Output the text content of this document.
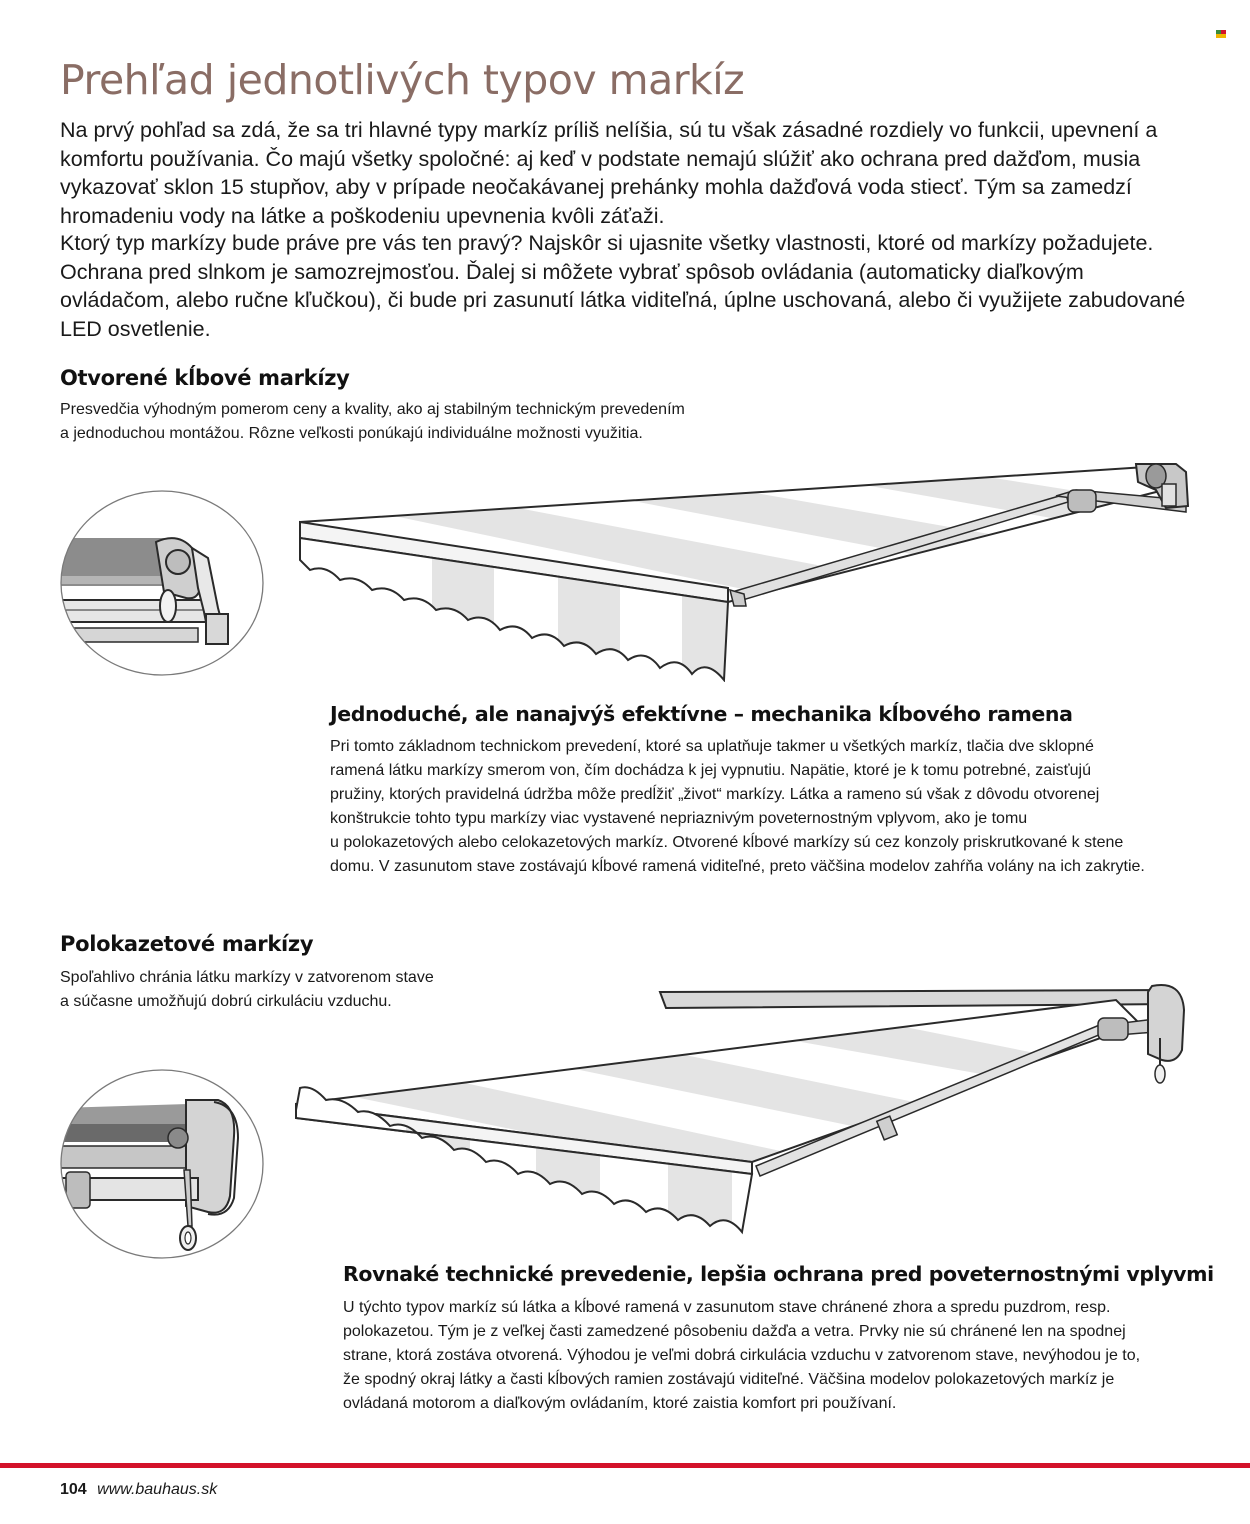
Prehľad jednotlivých typov markíz

Na prvý pohľad sa zdá, že sa tri hlavné typy markíz príliš nelíšia, sú tu však zásadné rozdiely vo funkcii, upevnení a komfortu používania. Čo majú všetky spoločné: aj keď v podstate nemajú slúžiť ako ochrana pred dažďom, musia vykazovať sklon 15 stupňov, aby v prípade neočakávanej prehánky mohla dažďová voda stiecť. Tým sa zamedzí hromadeniu vody na látke a poškodeniu upevnenia kvôli záťaži.

Ktorý typ markízy bude práve pre vás ten pravý? Najskôr si ujasnite všetky vlastnosti, ktoré od markízy požadujete. Ochrana pred slnkom je samozrejmosťou. Ďalej si môžete vybrať spôsob ovládania (automaticky diaľkovým ovládačom, alebo ručne kľučkou), či bude pri zasunutí látka viditeľná, úplne uschovaná, alebo či využijete zabudované LED osvetlenie.

Otvorené kĺbové markízy

Presvedčia výhodným pomerom ceny a kvality, ako aj stabilným technickým prevedením
a jednoduchou montážou. Rôzne veľkosti ponúkajú individuálne možnosti využitia.

Jednoduché, ale nanajvýš efektívne – mechanika kĺbového ramena

Pri tomto základnom technickom prevedení, ktoré sa uplatňuje takmer u všetkých markíz, tlačia dve sklopné
ramená látku markízy smerom von, čím dochádza k jej vypnutiu. Napätie, ktoré je k tomu potrebné, zaisťujú
pružiny, ktorých pravidelná údržba môže predĺžiť „život“ markízy. Látka a rameno sú však z dôvodu otvorenej
konštrukcie tohto typu markízy viac vystavené nepriaznivým poveternostným vplyvom, ako je tomu
u polokazetových alebo celokazetových markíz. Otvorené kĺbové markízy sú cez konzoly priskrutkované k stene
domu. V zasunutom stave zostávajú kĺbové ramená viditeľné, preto väčšina modelov zahŕňa volány na ich zakrytie.

Polokazetové markízy

Spoľahlivo chránia látku markízy v zatvorenom stave
a súčasne umožňujú dobrú cirkuláciu vzduchu.

Rovnaké technické prevedenie, lepšia ochrana pred poveternostnými vplyvmi

U týchto typov markíz sú látka a kĺbové ramená v zasunutom stave chránené zhora a spredu puzdrom, resp.
polokazetou. Tým je z veľkej časti zamedzené pôsobeniu dažďa a vetra. Prvky nie sú chránené len na spodnej
strane, ktorá zostáva otvorená. Výhodou je veľmi dobrá cirkulácia vzduchu v zatvorenom stave, nevýhodou je to,
že spodný okraj látky a časti kĺbových ramien zostávajú viditeľné. Väčšina modelov polokazetových markíz je
ovládaná motorom a diaľkovým ovládaním, ktoré zaistia komfort pri používaní.

104 www.bauhaus.sk
